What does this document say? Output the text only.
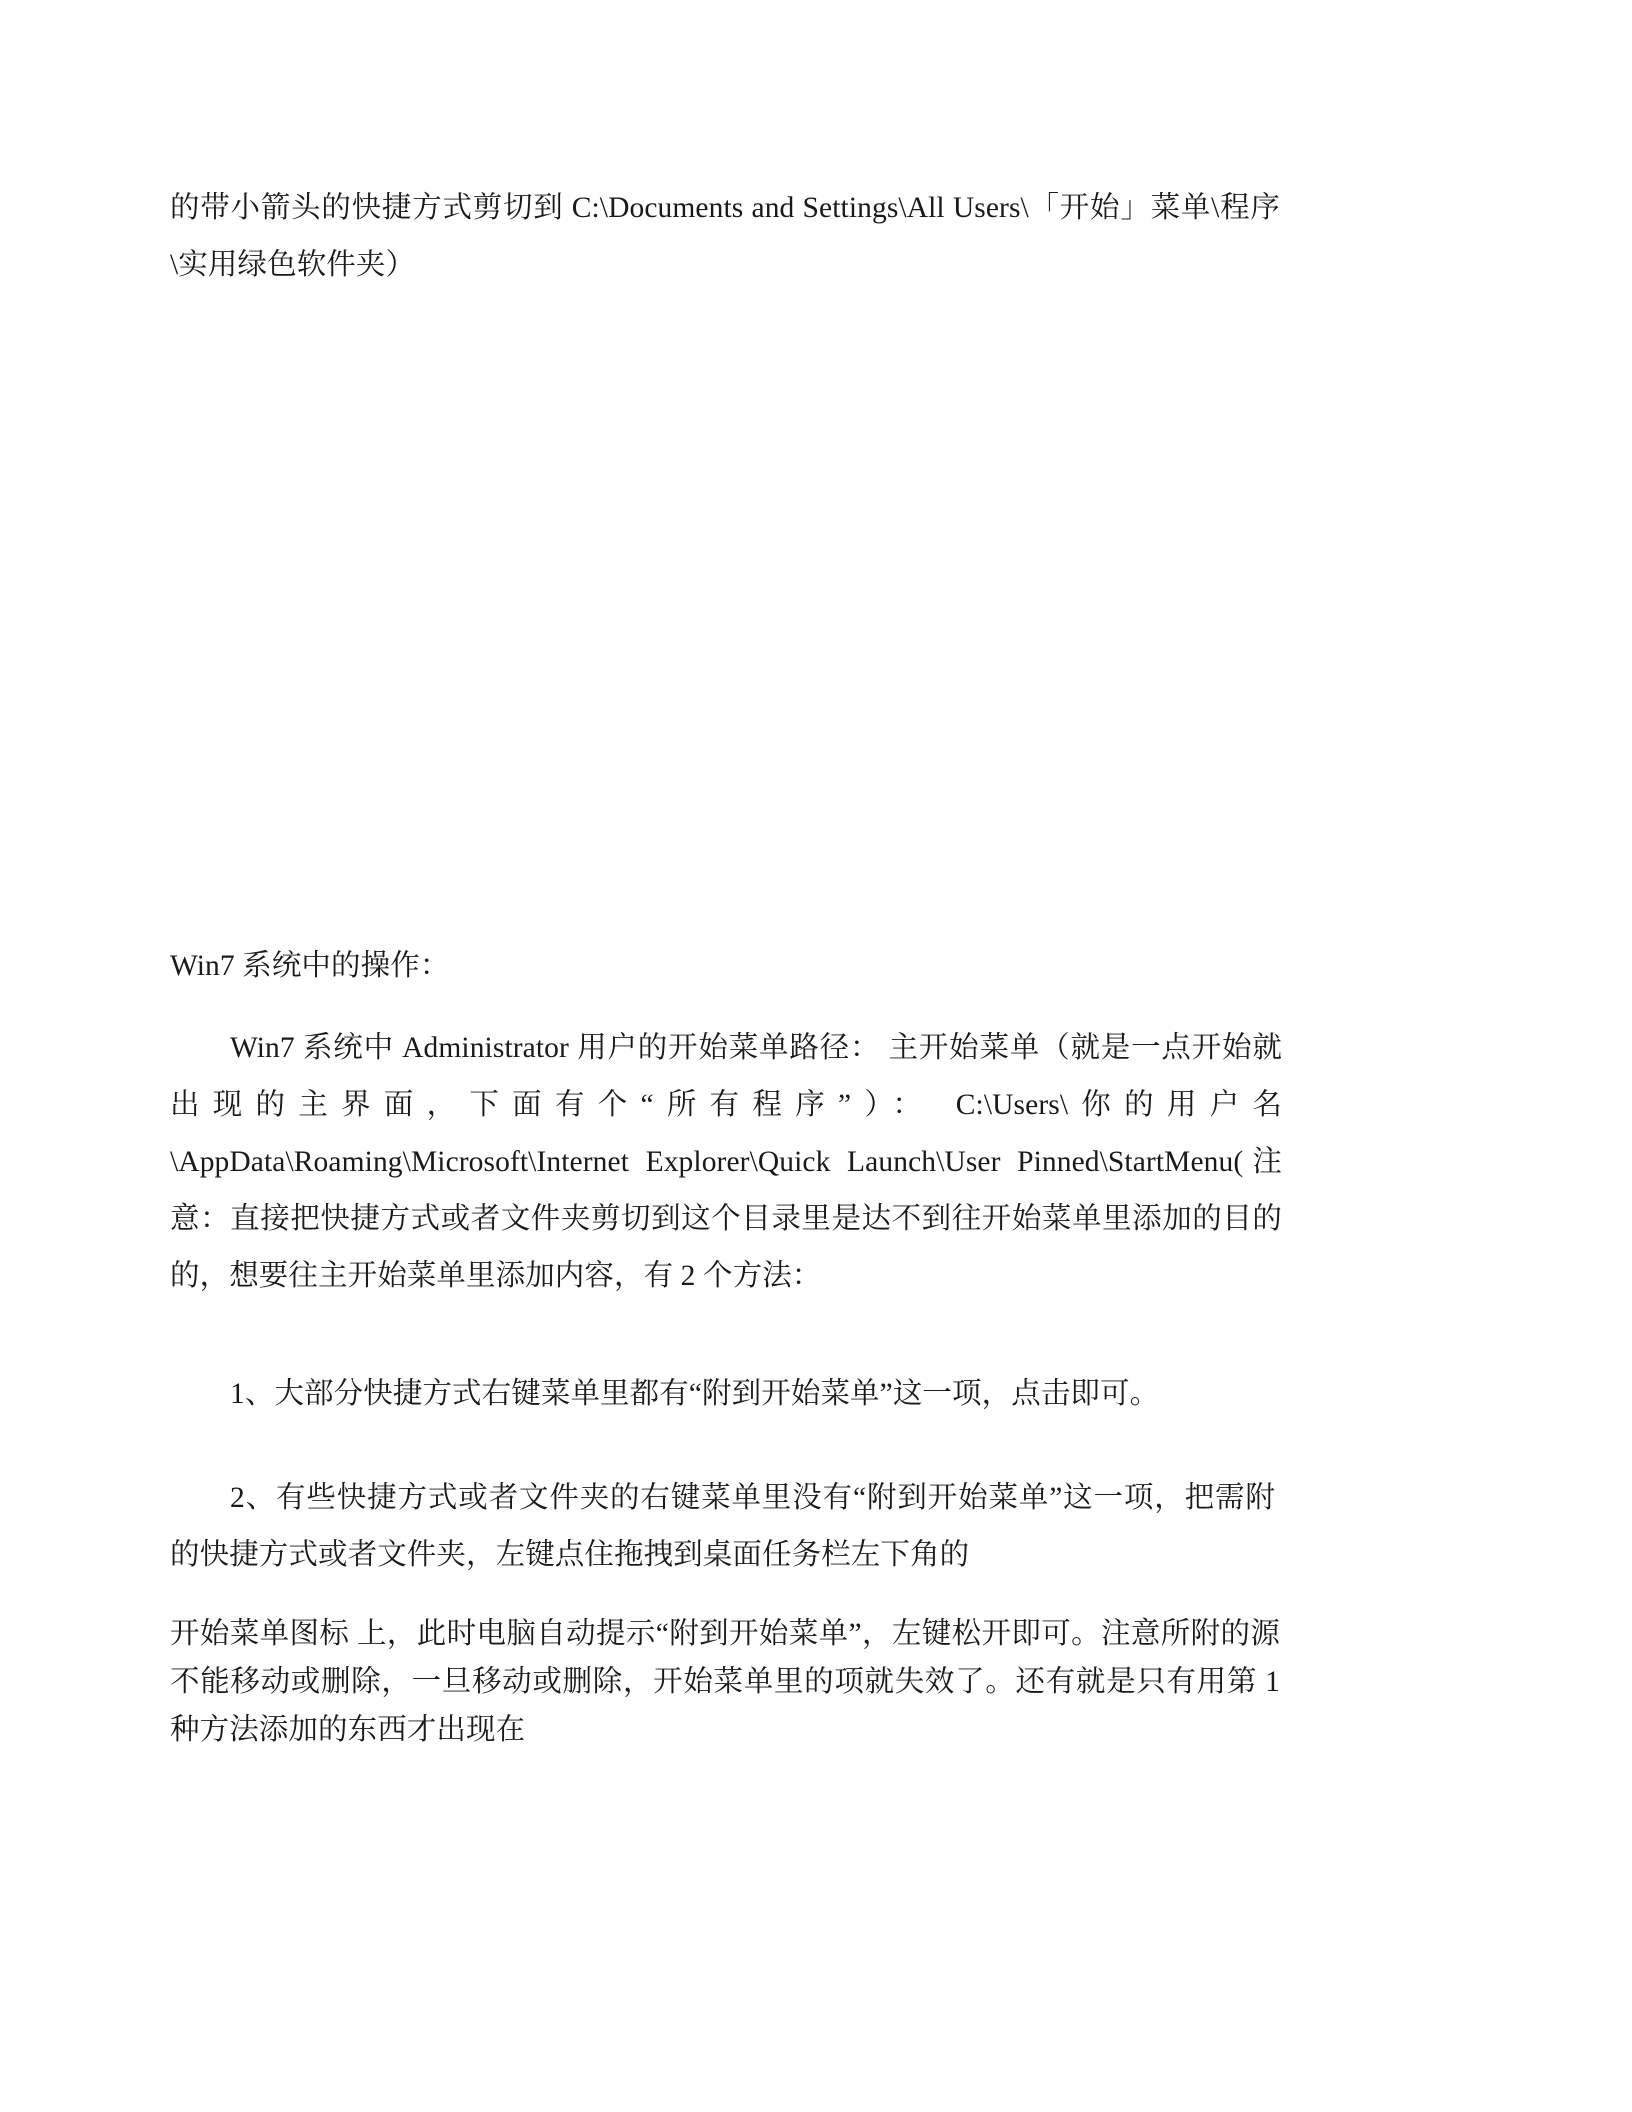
的带小箭头的快捷方式剪切到 C:\Documents and Settings\All Users\「开始」菜单\程序\实用绿色软件夹）

Win7 系统中的操作：

Win7 系统中 Administrator 用户的开始菜单路径： 主开始菜单（就是一点开始就出现的主界面，下面有个“所有程序”）： C:\Users\你的用户名\AppData\Roaming\Microsoft\Internet Explorer\Quick Launch\User Pinned\StartMenu(注意：直接把快捷方式或者文件夹剪切到这个目录里是达不到往开始菜单里添加的目的的，想要往主开始菜单里添加内容，有 2 个方法：

1、大部分快捷方式右键菜单里都有“附到开始菜单”这一项，点击即可。

2、有些快捷方式或者文件夹的右键菜单里没有“附到开始菜单”这一项，把需附的快捷方式或者文件夹，左键点住拖拽到桌面任务栏左下角的

开始菜单图标 上，此时电脑自动提示“附到开始菜单”，左键松开即可。注意所附的源不能移动或删除，一旦移动或删除，开始菜单里的项就失效了。还有就是只有用第 1 种方法添加的东西才出现在
